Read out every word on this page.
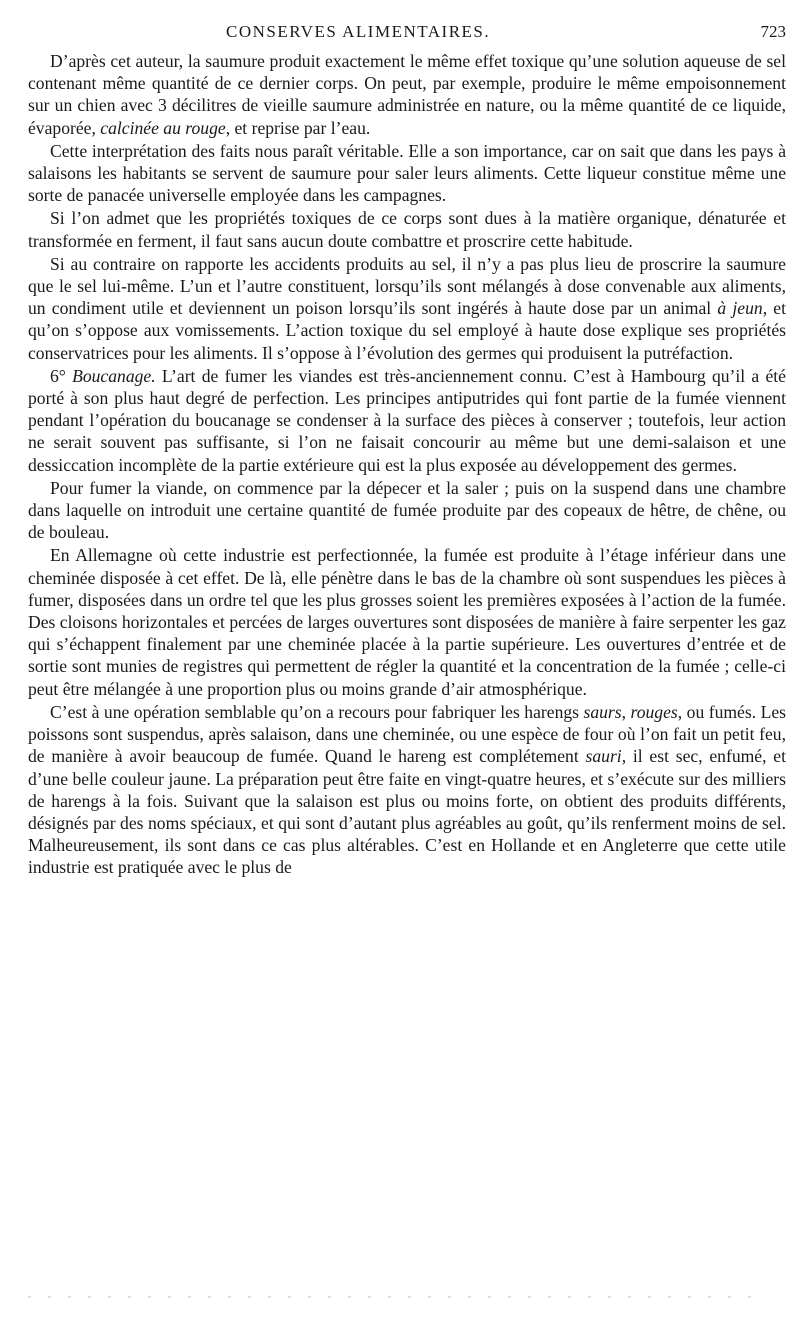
CONSERVES ALIMENTAIRES.	723

D’après cet auteur, la saumure produit exactement le même effet toxique qu’une solution aqueuse de sel contenant même quantité de ce dernier corps. On peut, par exemple, produire le même empoisonnement sur un chien avec 3 décilitres de vieille saumure administrée en nature, ou la même quantité de ce liquide, évaporée, calcinée au rouge, et reprise par l’eau.

Cette interprétation des faits nous paraît véritable. Elle a son importance, car on sait que dans les pays à salaisons les habitants se servent de saumure pour saler leurs aliments. Cette liqueur constitue même une sorte de panacée universelle employée dans les campagnes.

Si l’on admet que les propriétés toxiques de ce corps sont dues à la matière organique, dénaturée et transformée en ferment, il faut sans aucun doute combattre et proscrire cette habitude.

Si au contraire on rapporte les accidents produits au sel, il n’y a pas plus lieu de proscrire la saumure que le sel lui-même. L’un et l’autre constituent, lorsqu’ils sont mélangés à dose convenable aux aliments, un condiment utile et deviennent un poison lorsqu’ils sont ingérés à haute dose par un animal à jeun, et qu’on s’oppose aux vomissements. L’action toxique du sel employé à haute dose explique ses propriétés conservatrices pour les aliments. Il s’oppose à l’évolution des germes qui produisent la putréfaction.

6° Boucanage. L’art de fumer les viandes est très-anciennement connu. C’est à Hambourg qu’il a été porté à son plus haut degré de perfection. Les principes antiputrides qui font partie de la fumée viennent pendant l’opération du boucanage se condenser à la surface des pièces à conserver ; toutefois, leur action ne serait souvent pas suffisante, si l’on ne faisait concourir au même but une demi-salaison et une dessiccation incomplète de la partie extérieure qui est la plus exposée au développement des germes.

Pour fumer la viande, on commence par la dépecer et la saler ; puis on la suspend dans une chambre dans laquelle on introduit une certaine quantité de fumée produite par des copeaux de hêtre, de chêne, ou de bouleau.

En Allemagne où cette industrie est perfectionnée, la fumée est produite à l’étage inférieur dans une cheminée disposée à cet effet. De là, elle pénètre dans le bas de la chambre où sont suspendues les pièces à fumer, disposées dans un ordre tel que les plus grosses soient les premières exposées à l’action de la fumée. Des cloisons horizontales et percées de larges ouvertures sont disposées de manière à faire serpenter les gaz qui s’échappent finalement par une cheminée placée à la partie supérieure. Les ouvertures d’entrée et de sortie sont munies de registres qui permettent de régler la quantité et la concentration de la fumée ; celle-ci peut être mélangée à une proportion plus ou moins grande d’air atmosphérique.

C’est à une opération semblable qu’on a recours pour fabriquer les harengs saurs, rouges, ou fumés. Les poissons sont suspendus, après salaison, dans une cheminée, ou une espèce de four où l’on fait un petit feu, de manière à avoir beaucoup de fumée. Quand le hareng est complétement sauri, il est sec, enfumé, et d’une belle couleur jaune. La préparation peut être faite en vingt-quatre heures, et s’exécute sur des milliers de harengs à la fois. Suivant que la salaison est plus ou moins forte, on obtient des produits différents, désignés par des noms spéciaux, et qui sont d’autant plus agréables au goût, qu’ils renferment moins de sel. Malheureusement, ils sont dans ce cas plus altérables. C’est en Hollande et en Angleterre que cette utile industrie est pratiquée avec le plus de
